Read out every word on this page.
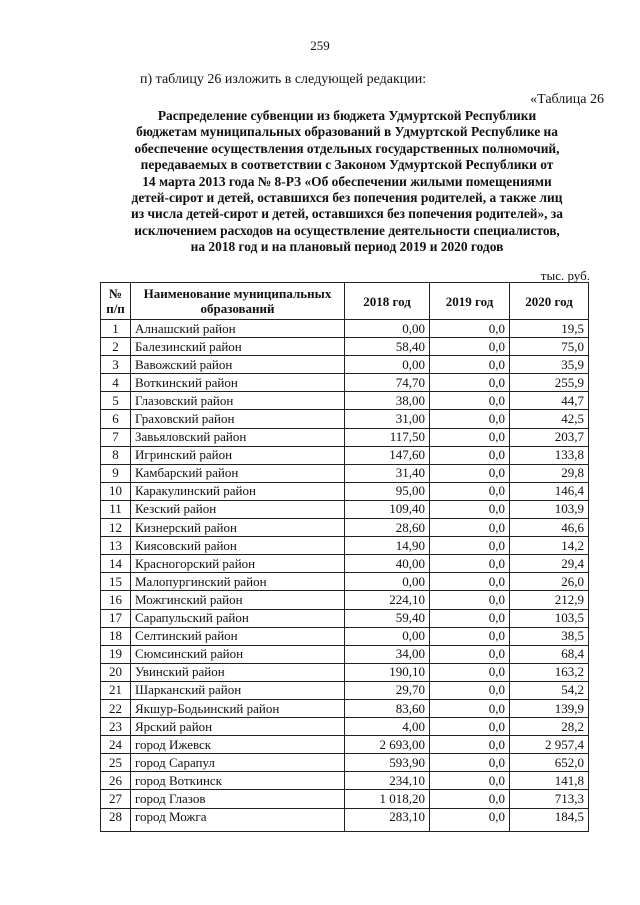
259
п) таблицу 26 изложить в следующей редакции:
«Таблица 26
Распределение субвенции из бюджета Удмуртской Республики
бюджетам муниципальных образований в Удмуртской Республике на
обеспечение осуществления отдельных государственных полномочий,
передаваемых в соответствии с Законом Удмуртской Республики от
14 марта 2013 года № 8-РЗ «Об обеспечении жилыми помещениями
детей-сирот и детей, оставшихся без попечения родителей, а также лиц
из числа детей-сирот и детей, оставшихся без попечения родителей», за
исключением расходов на осуществление деятельности специалистов,
на 2018 год и на плановый период 2019 и 2020 годов
тыс. руб.
№ п/п	Наименование муниципальных образований	2018 год	2019 год	2020 год
1	Алнашский район	0,00	0,0	19,5
2	Балезинский район	58,40	0,0	75,0
3	Вавожский район	0,00	0,0	35,9
4	Воткинский район	74,70	0,0	255,9
5	Глазовский район	38,00	0,0	44,7
6	Граховский район	31,00	0,0	42,5
7	Завьяловский район	117,50	0,0	203,7
8	Игринский район	147,60	0,0	133,8
9	Камбарский район	31,40	0,0	29,8
10	Каракулинский район	95,00	0,0	146,4
11	Кезский район	109,40	0,0	103,9
12	Кизнерский район	28,60	0,0	46,6
13	Киясовский район	14,90	0,0	14,2
14	Красногорский район	40,00	0,0	29,4
15	Малопургинский район	0,00	0,0	26,0
16	Можгинский район	224,10	0,0	212,9
17	Сарапульский район	59,40	0,0	103,5
18	Селтинский район	0,00	0,0	38,5
19	Сюмсинский район	34,00	0,0	68,4
20	Увинский район	190,10	0,0	163,2
21	Шарканский район	29,70	0,0	54,2
22	Якшур-Бодьинский район	83,60	0,0	139,9
23	Ярский район	4,00	0,0	28,2
24	город Ижевск	2 693,00	0,0	2 957,4
25	город Сарапул	593,90	0,0	652,0
26	город Воткинск	234,10	0,0	141,8
27	город Глазов	1 018,20	0,0	713,3
28	город Можга	283,10	0,0	184,5
